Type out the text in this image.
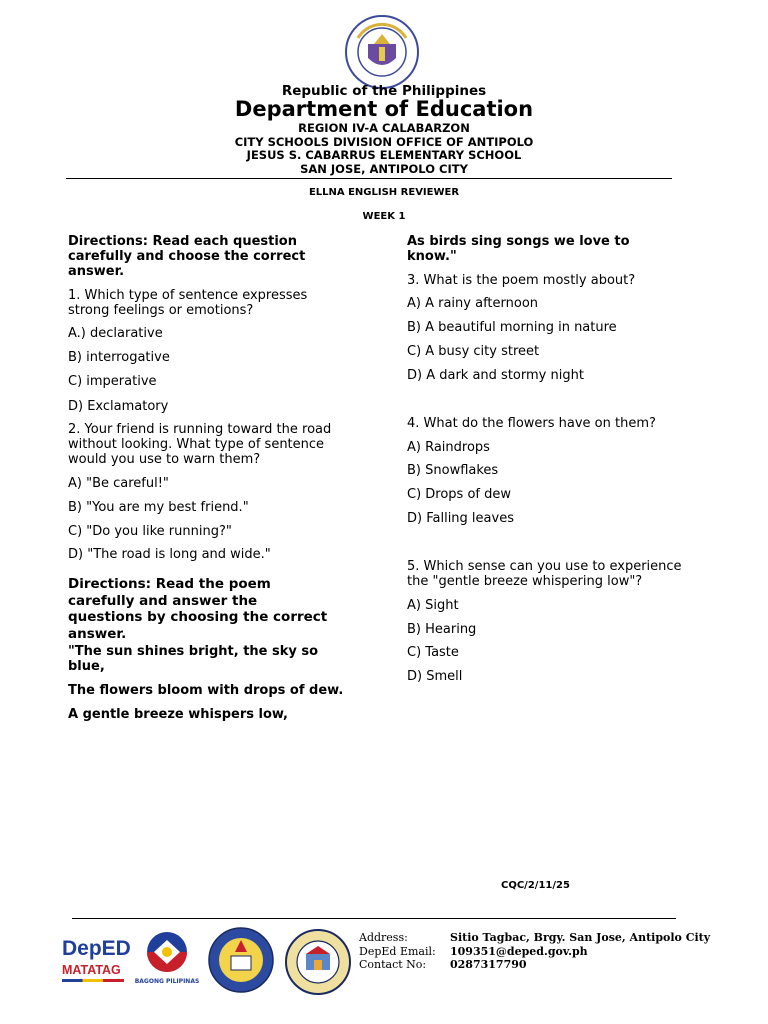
Republic of the Philippines
Department of Education
REGION IV-A CALABARZON
CITY SCHOOLS DIVISION OFFICE OF ANTIPOLO
JESUS S. CABARRUS ELEMENTARY SCHOOL
SAN JOSE, ANTIPOLO CITY
ELLNA ENGLISH REVIEWER
WEEK 1

Directions: Read each question carefully and choose the correct answer.

1. Which type of sentence expresses strong feelings or emotions?

A.) declarative

B) interrogative

C) imperative

D) Exclamatory

2. Your friend is running toward the road without looking. What type of sentence would you use to warn them?

A) "Be careful!"

B) "You are my best friend."

C) "Do you like running?"

D) "The road is long and wide."

Directions: Read the poem carefully and answer the questions by choosing the correct answer.

"The sun shines bright, the sky so blue,

The flowers bloom with drops of dew.

A gentle breeze whispers low,

As birds sing songs we love to know."

3. What is the poem mostly about?

A) A rainy afternoon

B) A beautiful morning in nature

C) A busy city street

D) A dark and stormy night

4. What do the flowers have on them?

A) Raindrops

B) Snowflakes

C) Drops of dew

D) Falling leaves

5. Which sense can you use to experience the "gentle breeze whispering low"?

A) Sight

B) Hearing

C) Taste

D) Smell

CQC/2/11/25
DepED
MATATAG
BAGONG PILIPINAS
Address:
DepEd Email:
Contact No:
Sitio Tagbac, Brgy. San Jose, Antipolo City
109351@deped.gov.ph
0287317790
